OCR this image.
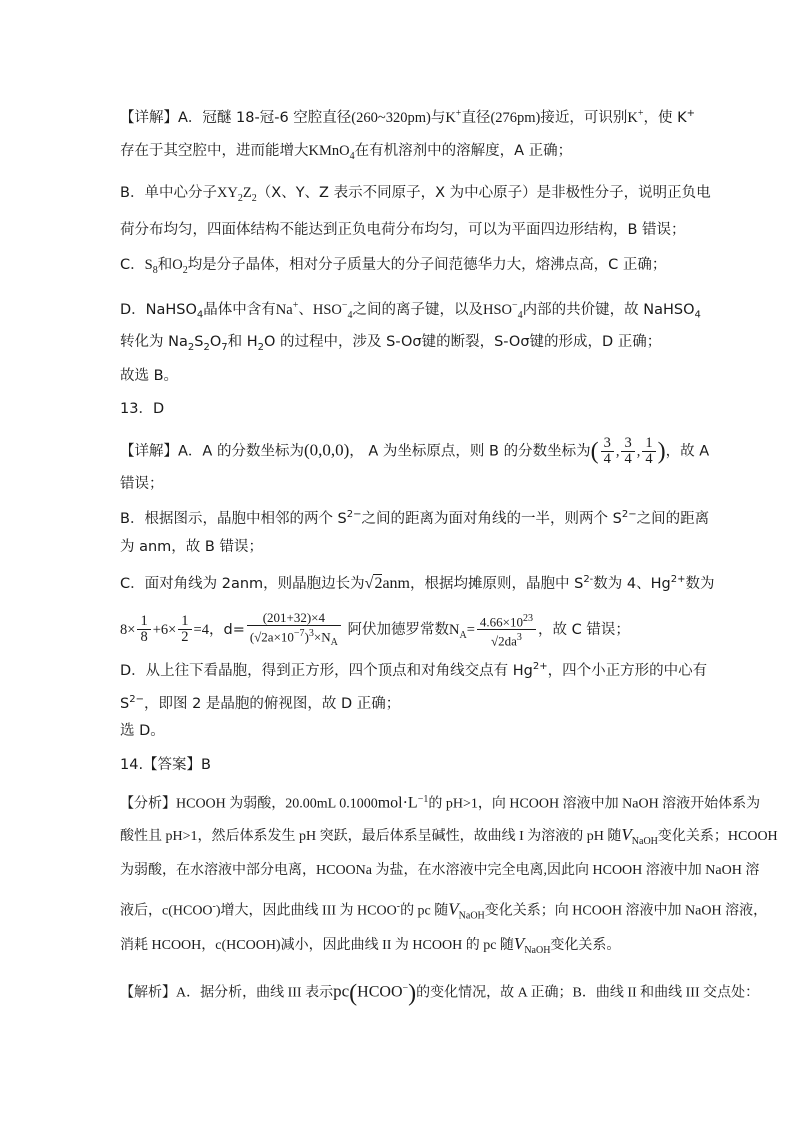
【详解】A．冠醚 18-冠-6 空腔直径(260~320pm)与K+直径(276pm)接近，可识别K+，使 K+
存在于其空腔中，进而能增大KMnO$_4$在有机溶剂中的溶解度，A 正确；
B．单中心分子$XY_2Z_2(X$、Y、Z 表示不同原子，X 为中心原子）是非极性分子，说明正负电
荷分布均匀，四面体结构不能达到正负电荷分布均匀，可以为平面四边形结构，B 错误；
C．$S_8$和$O_2$均是分子晶体，相对分子质量大的分子间范德华力大，熔沸点高，C 正确；
D．NaHSO$_4$晶体中含有Na+、$HSO^-_4$之间的离子键，以及$HSO^-_4$内部的共价键，故 NaHSO$_4$
转化为 $Na_2S_2O_7$和 $H_2O$ 的过程中，涉及 S-Oσ键的断裂，S-Oσ键的形成，D 正确；
故选 B。
13．D
【详解】A．A 的分数坐标为(0,0,0)， A 为坐标原点，则 B 的分数坐标为( $\frac{3}{4}$ , $\frac{3}{4}$ , $\frac{1}{4}$ )，故 A
错误；
B．根据图示，晶胞中相邻的两个 $S^{2-}$之间的距离为面对角线的一半，则两个 $S^{2-}$之间的距离
为 anm，故 B 错误；
C．面对角线为 2anm，则晶胞边长为√2anm，根据均摊原则，晶胞中 $S^{2-}$数为 4、$Hg^{2+}$数为
$8\times \frac{1}{8} +6\times \frac{1}{2} =4$，$d= \frac{(201+32)\times 4}{(√2a\times 10^{-7})^3\times N_A}$ 阿伏加德罗常数$N_A= \frac{4.66\times 10^{23}}{√2da^3}$ ，故 C 错误；
D．从上往下看晶胞，得到正方形，四个顶点和对角线交点有 $Hg^{2+}$，四个小正方形的中心有
$S^{2-}$，即图 2 是晶胞的俯视图，故 D 正确；
选 D。
14.【答案】B
【分析】HCOOH 为弱酸，20.00mL $0.1000mol\cdot L^{-1}$的 pH>1，向 HCOOH 溶液中加 NaOH 溶液开始体系为
酸性且 pH>1，然后体系发生 pH 突跃，最后体系呈碱性，故曲线 I 为溶液的 pH 随$V_{NaOH}$变化关系；HCOOH
为弱酸，在水溶液中部分电离，HCOONa 为盐，在水溶液中完全电离,因此向 HCOOH 溶液中加 NaOH 溶
液后，c(HCOO-)增大，因此曲线 III 为 HCOO-的 pc 随$V_{NaOH}$变化关系；向 HCOOH 溶液中加 NaOH 溶液，
消耗 HCOOH，c(HCOOH)减小，因此曲线 II 为 HCOOH 的 pc 随$V_{NaOH}$变化关系。
【解析】A．据分析，曲线 III 表示pc(HCOO−)的变化情况，故 A 正确；B．曲线 II 和曲线 III 交点处：
